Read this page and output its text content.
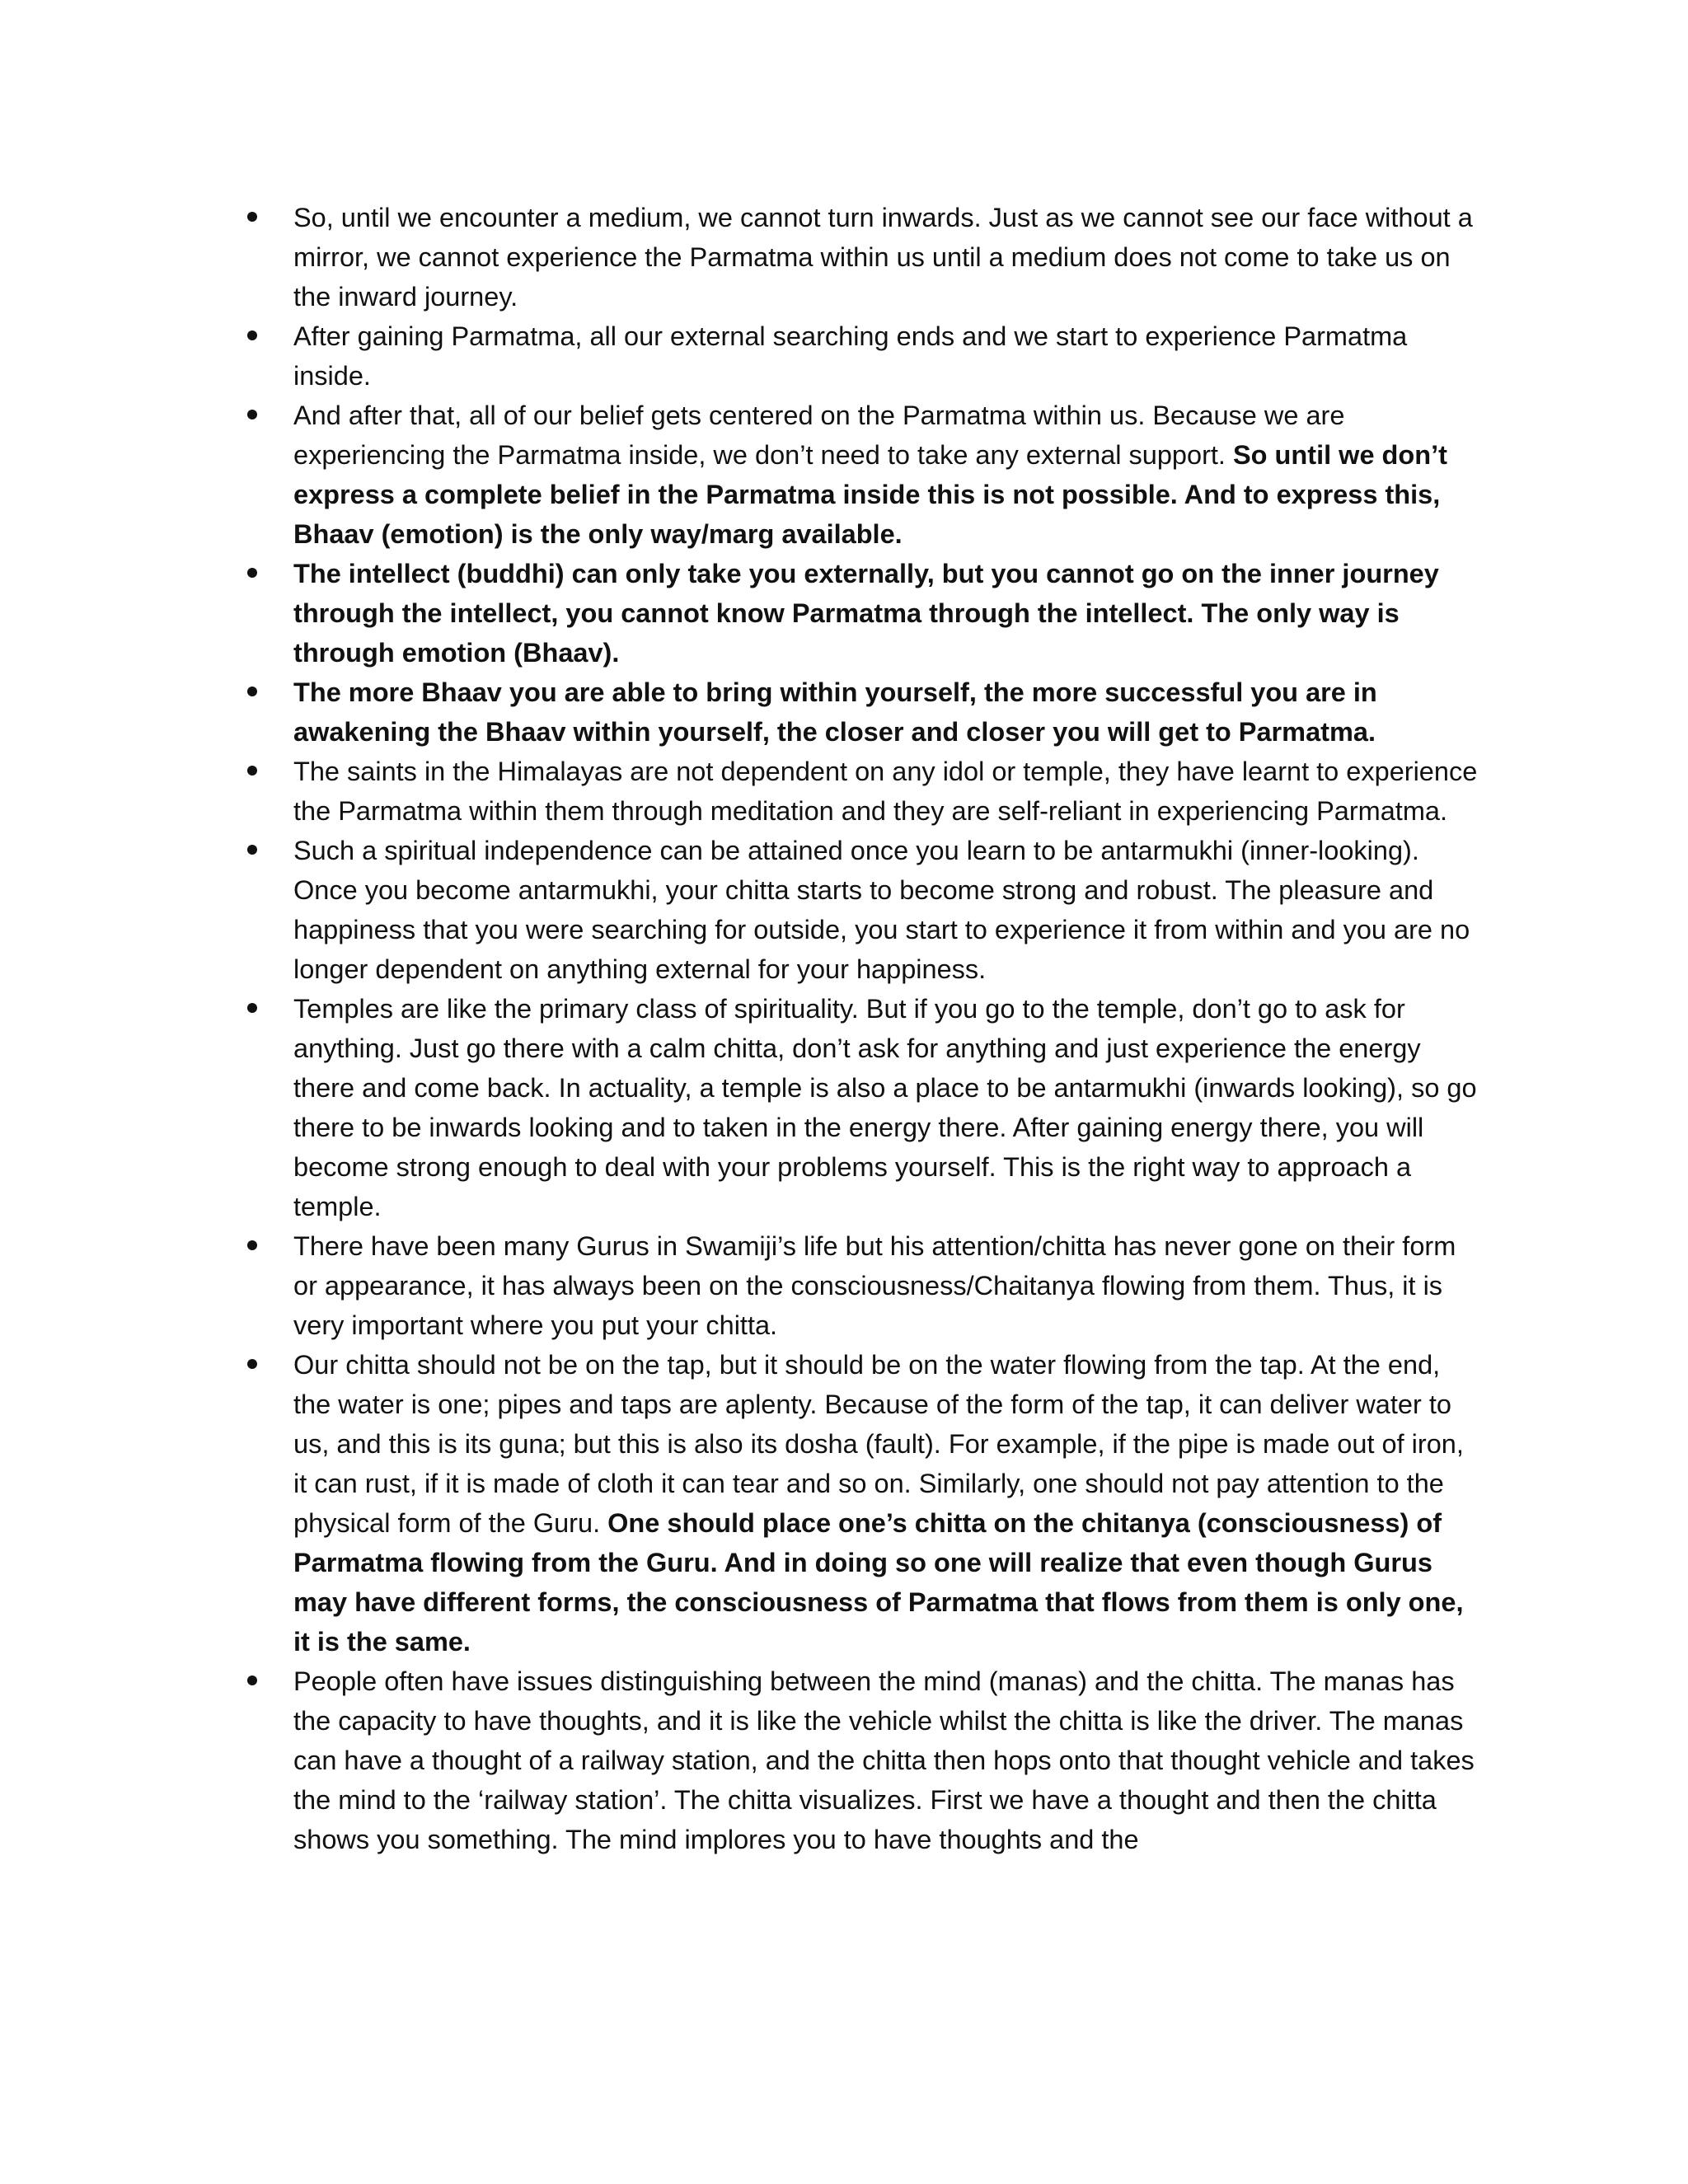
So, until we encounter a medium, we cannot turn inwards. Just as we cannot see our face without a mirror, we cannot experience the Parmatma within us until a medium does not come to take us on the inward journey.
After gaining Parmatma, all our external searching ends and we start to experience Parmatma inside.
And after that, all of our belief gets centered on the Parmatma within us. Because we are experiencing the Parmatma inside, we don’t need to take any external support. So until we don’t express a complete belief in the Parmatma inside this is not possible. And to express this, Bhaav (emotion) is the only way/marg available.
The intellect (buddhi) can only take you externally, but you cannot go on the inner journey through the intellect, you cannot know Parmatma through the intellect. The only way is through emotion (Bhaav).
The more Bhaav you are able to bring within yourself, the more successful you are in awakening the Bhaav within yourself, the closer and closer you will get to Parmatma.
The saints in the Himalayas are not dependent on any idol or temple, they have learnt to experience the Parmatma within them through meditation and they are self-reliant in experiencing Parmatma.
Such a spiritual independence can be attained once you learn to be antarmukhi (inner-looking). Once you become antarmukhi, your chitta starts to become strong and robust. The pleasure and happiness that you were searching for outside, you start to experience it from within and you are no longer dependent on anything external for your happiness.
Temples are like the primary class of spirituality. But if you go to the temple, don’t go to ask for anything. Just go there with a calm chitta, don’t ask for anything and just experience the energy there and come back. In actuality, a temple is also a place to be antarmukhi (inwards looking), so go there to be inwards looking and to taken in the energy there. After gaining energy there, you will become strong enough to deal with your problems yourself. This is the right way to approach a temple.
There have been many Gurus in Swamiji’s life but his attention/chitta has never gone on their form or appearance, it has always been on the consciousness/Chaitanya flowing from them. Thus, it is very important where you put your chitta.
Our chitta should not be on the tap, but it should be on the water flowing from the tap. At the end, the water is one; pipes and taps are aplenty. Because of the form of the tap, it can deliver water to us, and this is its guna; but this is also its dosha (fault). For example, if the pipe is made out of iron, it can rust, if it is made of cloth it can tear and so on. Similarly, one should not pay attention to the physical form of the Guru. One should place one’s chitta on the chitanya (consciousness) of Parmatma flowing from the Guru. And in doing so one will realize that even though Gurus may have different forms, the consciousness of Parmatma that flows from them is only one, it is the same.
People often have issues distinguishing between the mind (manas) and the chitta. The manas has the capacity to have thoughts, and it is like the vehicle whilst the chitta is like the driver. The manas can have a thought of a railway station, and the chitta then hops onto that thought vehicle and takes the mind to the ‘railway station’. The chitta visualizes. First we have a thought and then the chitta shows you something. The mind implores you to have thoughts and the
